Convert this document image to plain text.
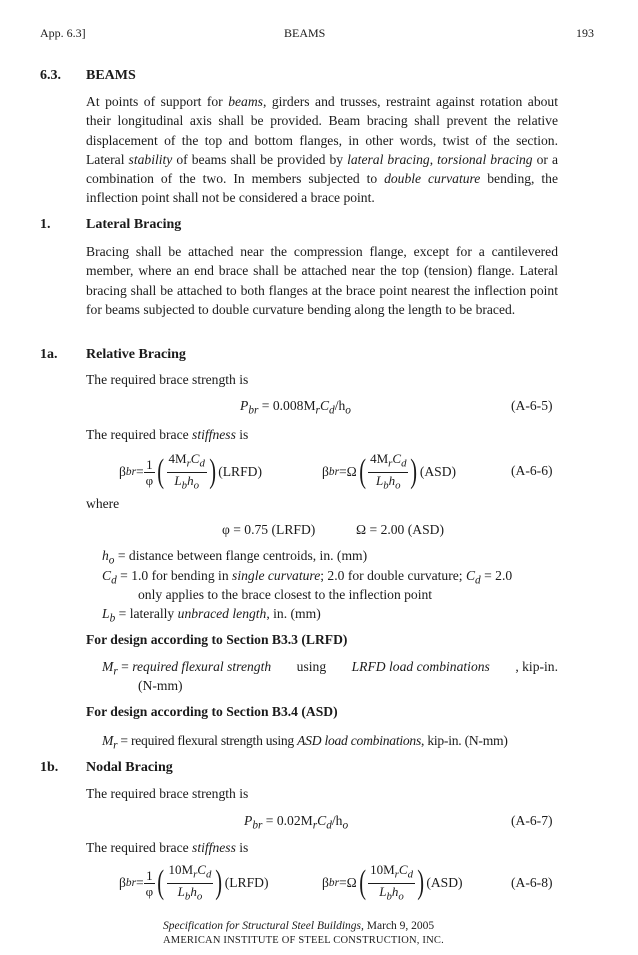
App. 6.3]	BEAMS	193
6.3. BEAMS
At points of support for beams, girders and trusses, restraint against rotation about their longitudinal axis shall be provided. Beam bracing shall prevent the relative displacement of the top and bottom flanges, in other words, twist of the section. Lateral stability of beams shall be provided by lateral bracing, torsional bracing or a combination of the two. In members subjected to double curvature bending, the inflection point shall not be considered a brace point.
1.	Lateral Bracing
Bracing shall be attached near the compression flange, except for a cantilevered member, where an end brace shall be attached near the top (tension) flange. Lateral bracing shall be attached to both flanges at the brace point nearest the inflection point for beams subjected to double curvature bending along the length to be braced.
1a. Relative Bracing
The required brace strength is
$P_{br} = 0.008M_rC_d/h_o$	(A-6-5)
The required brace stiffness is
β br = $\frac{1}{\varphi}$ ( $\frac{4M_rC_d}{L_bh_o}$ ) (LRFD)	β br = Ω ( $\frac{4M_rC_d}{L_bh_o}$ ) (ASD)	(A-6-6)
where
φ = 0.75 (LRFD)	Ω = 2.00 (ASD)
$h_o$ = distance between flange centroids, in. (mm)
$C_d = 1.0$ for bending in single curvature; 2.0 for double curvature; $C_d = 2.0$
only applies to the brace closest to the inflection point
$L_b$ = laterally unbraced length, in. (mm)
For design according to Section B3.3 (LRFD)
$M_r$ = required flexural strength using LRFD load combinations , kip-in.
(N-mm)
For design according to Section B3.4 (ASD)
$M_r$ = required flexural strength using ASD load combinations, kip-in. (N-mm)
1b. Nodal Bracing
The required brace strength is
$P_{br} = 0.02M_rC_d/h_o$	(A-6-7)
The required brace stiffness is
β br = $\frac{1}{\varphi}$ ( $\frac{10M_rC_d}{L_bh_o}$ ) (LRFD)	β br = Ω ( $\frac{10M_rC_d}{L_bh_o}$ ) (ASD)	(A-6-8)
Specification for Structural Steel Buildings, March 9, 2005
AMERICAN INSTITUTE OF STEEL CONSTRUCTION, INC.
